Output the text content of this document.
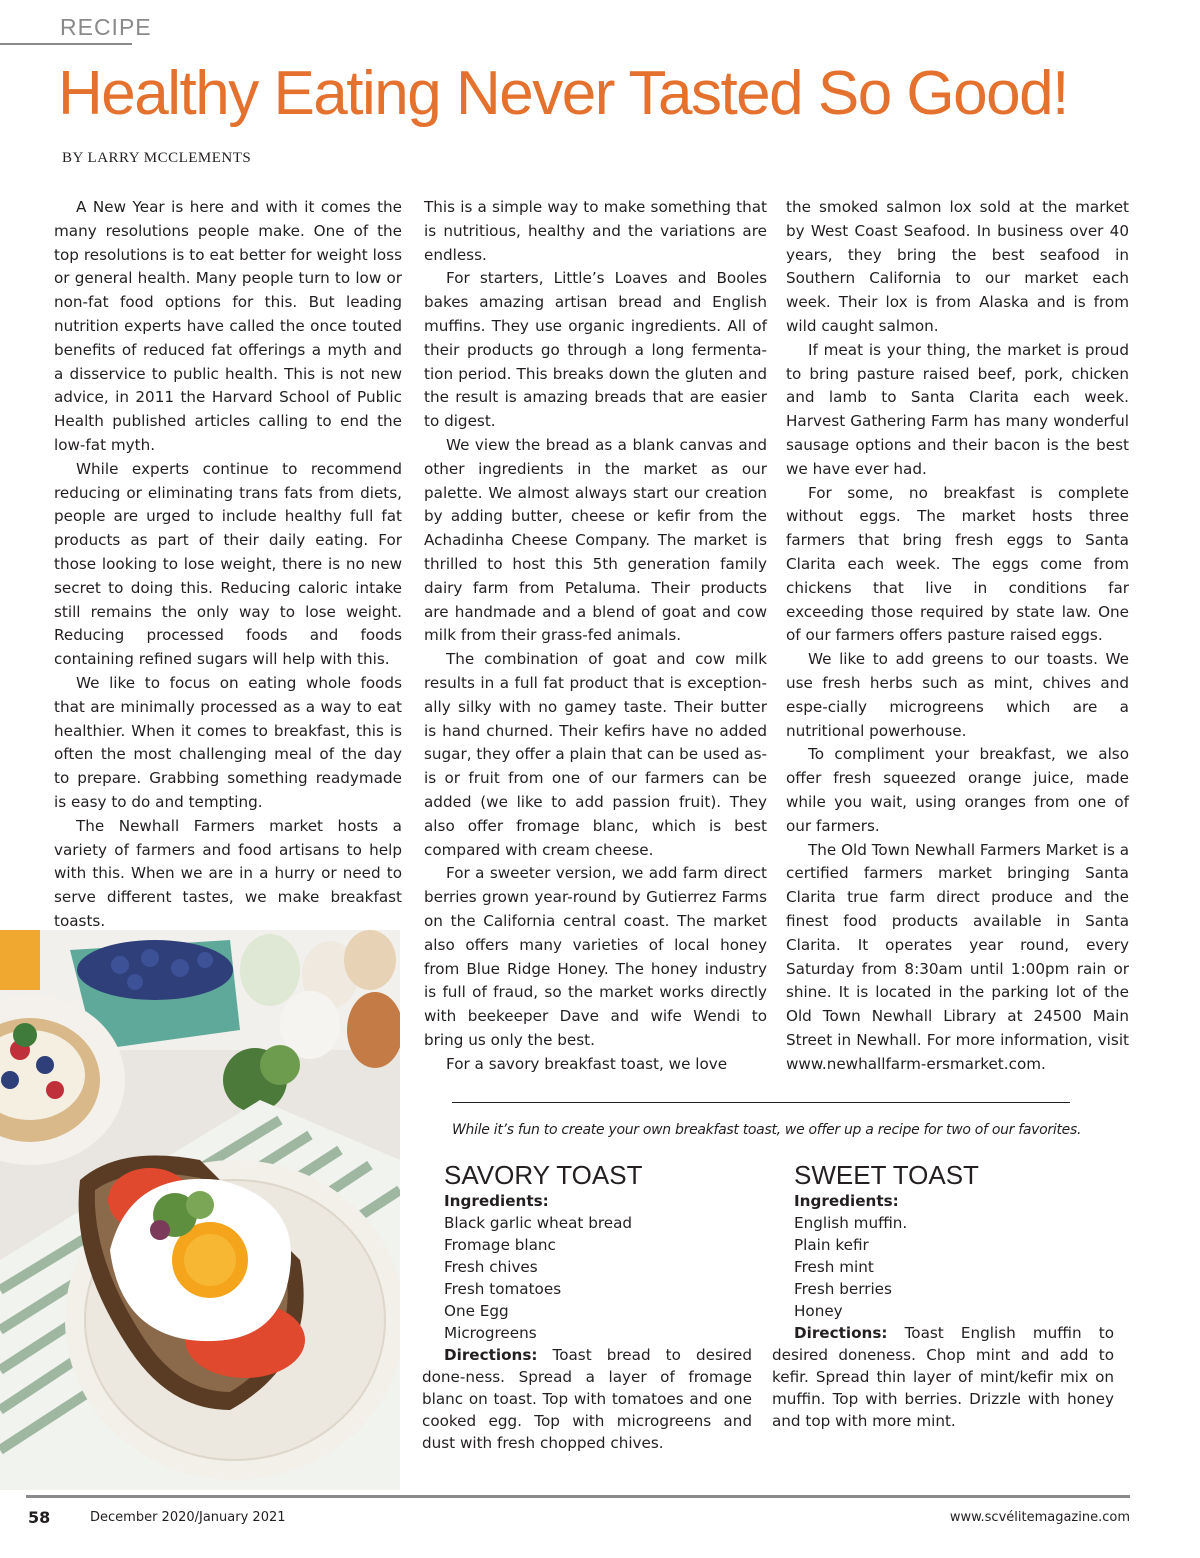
RECIPE
Healthy Eating Never Tasted So Good!
BY LARRY MCCLEMENTS

A New Year is here and with it comes the many resolutions people make. One of the top resolutions is to eat better for weight loss or general health. Many people turn to low or non-fat food options for this. But leading nutrition experts have called the once touted benefits of reduced fat offerings a myth and a disservice to public health. This is not new advice, in 2011 the Harvard School of Public Health published articles calling to end the low-fat myth.

While experts continue to recommend reducing or eliminating trans fats from diets, people are urged to include healthy full fat products as part of their daily eating. For those looking to lose weight, there is no new secret to doing this. Reducing caloric intake still remains the only way to lose weight. Reducing processed foods and foods containing refined sugars will help with this.

We like to focus on eating whole foods that are minimally processed as a way to eat healthier. When it comes to breakfast, this is often the most challenging meal of the day to prepare. Grabbing something readymade is easy to do and tempting.

The Newhall Farmers market hosts a variety of farmers and food artisans to help with this. When we are in a hurry or need to serve different tastes, we make breakfast toasts.

This is a simple way to make something that is nutritious, healthy and the variations are endless.

For starters, Little’s Loaves and Booles bakes amazing artisan bread and English muffins. They use organic ingredients. All of their products go through a long fermenta-tion period. This breaks down the gluten and the result is amazing breads that are easier to digest.

We view the bread as a blank canvas and other ingredients in the market as our palette. We almost always start our creation by adding butter, cheese or kefir from the Achadinha Cheese Company. The market is thrilled to host this 5th generation family dairy farm from Petaluma. Their products are handmade and a blend of goat and cow milk from their grass-fed animals.

The combination of goat and cow milk results in a full fat product that is exception-ally silky with no gamey taste. Their butter is hand churned. Their kefirs have no added sugar, they offer a plain that can be used as-is or fruit from one of our farmers can be added (we like to add passion fruit). They also offer fromage blanc, which is best compared with cream cheese.

For a sweeter version, we add farm direct berries grown year-round by Gutierrez Farms on the California central coast. The market also offers many varieties of local honey from Blue Ridge Honey. The honey industry is full of fraud, so the market works directly with beekeeper Dave and wife Wendi to bring us only the best.

For a savory breakfast toast, we love

the smoked salmon lox sold at the market by West Coast Seafood. In business over 40 years, they bring the best seafood in Southern California to our market each week. Their lox is from Alaska and is from wild caught salmon.

If meat is your thing, the market is proud to bring pasture raised beef, pork, chicken and lamb to Santa Clarita each week. Harvest Gathering Farm has many wonderful sausage options and their bacon is the best we have ever had.

For some, no breakfast is complete without eggs. The market hosts three farmers that bring fresh eggs to Santa Clarita each week. The eggs come from chickens that live in conditions far exceeding those required by state law. One of our farmers offers pasture raised eggs.

We like to add greens to our toasts. We use fresh herbs such as mint, chives and espe-cially microgreens which are a nutritional powerhouse.

To compliment your breakfast, we also offer fresh squeezed orange juice, made while you wait, using oranges from one of our farmers.

The Old Town Newhall Farmers Market is a certified farmers market bringing Santa Clarita true farm direct produce and the finest food products available in Santa Clarita. It operates year round, every Saturday from 8:30am until 1:00pm rain or shine. It is located in the parking lot of the Old Town Newhall Library at 24500 Main Street in Newhall. For more information, visit www.newhallfarm-ersmarket.com.

While it’s fun to create your own breakfast toast, we offer up a recipe for two of our favorites.
SAVORY TOAST
Ingredients:
Black garlic wheat bread
Fromage blanc
Fresh chives
Fresh tomatoes
One Egg
Microgreens
Directions: Toast bread to desired done-ness. Spread a layer of fromage blanc on toast. Top with tomatoes and one cooked egg. Top with microgreens and dust with fresh chopped chives.
SWEET TOAST
Ingredients:
English muffin.
Plain kefir
Fresh mint
Fresh berries
Honey
Directions: Toast English muffin to desired doneness. Chop mint and add to kefir. Spread thin layer of mint/kefir mix on muffin. Top with berries. Drizzle with honey and top with more mint.
58	December 2020/January 2021	www.scvélitemagazine.com
